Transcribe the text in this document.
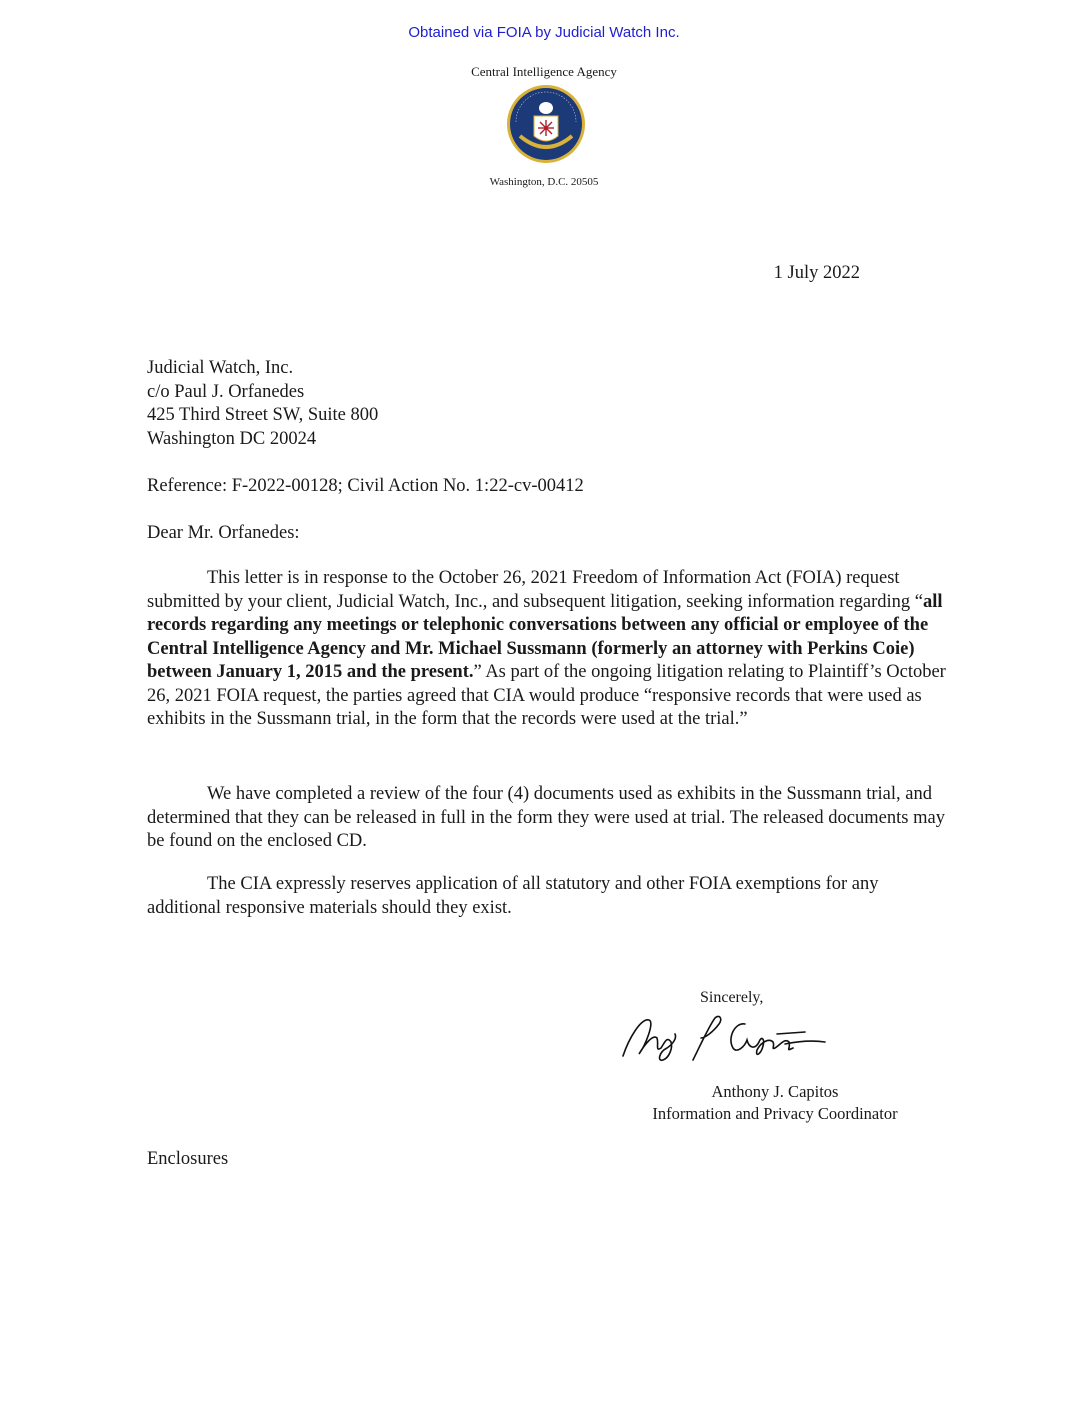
Obtained via FOIA by Judicial Watch Inc.
Central Intelligence Agency
Washington, D.C. 20505
1 July 2022
Judicial Watch, Inc.
c/o Paul J. Orfanedes
425 Third Street SW, Suite 800
Washington DC 20024
Reference: F-2022-00128; Civil Action No. 1:22-cv-00412
Dear Mr. Orfanedes:

This letter is in response to the October 26, 2021 Freedom of Information Act (FOIA) request submitted by your client, Judicial Watch, Inc., and subsequent litigation, seeking information regarding “all records regarding any meetings or telephonic conversations between any official or employee of the Central Intelligence Agency and Mr. Michael Sussmann (formerly an attorney with Perkins Coie) between January 1, 2015 and the present.” As part of the ongoing litigation relating to Plaintiff’s October 26, 2021 FOIA request, the parties agreed that CIA would produce “responsive records that were used as exhibits in the Sussmann trial, in the form that the records were used at the trial.”

We have completed a review of the four (4) documents used as exhibits in the Sussmann trial, and determined that they can be released in full in the form they were used at trial. The released documents may be found on the enclosed CD.

The CIA expressly reserves application of all statutory and other FOIA exemptions for any additional responsive materials should they exist.

Sincerely,
Anthony J. Capitos
Information and Privacy Coordinator
Enclosures
